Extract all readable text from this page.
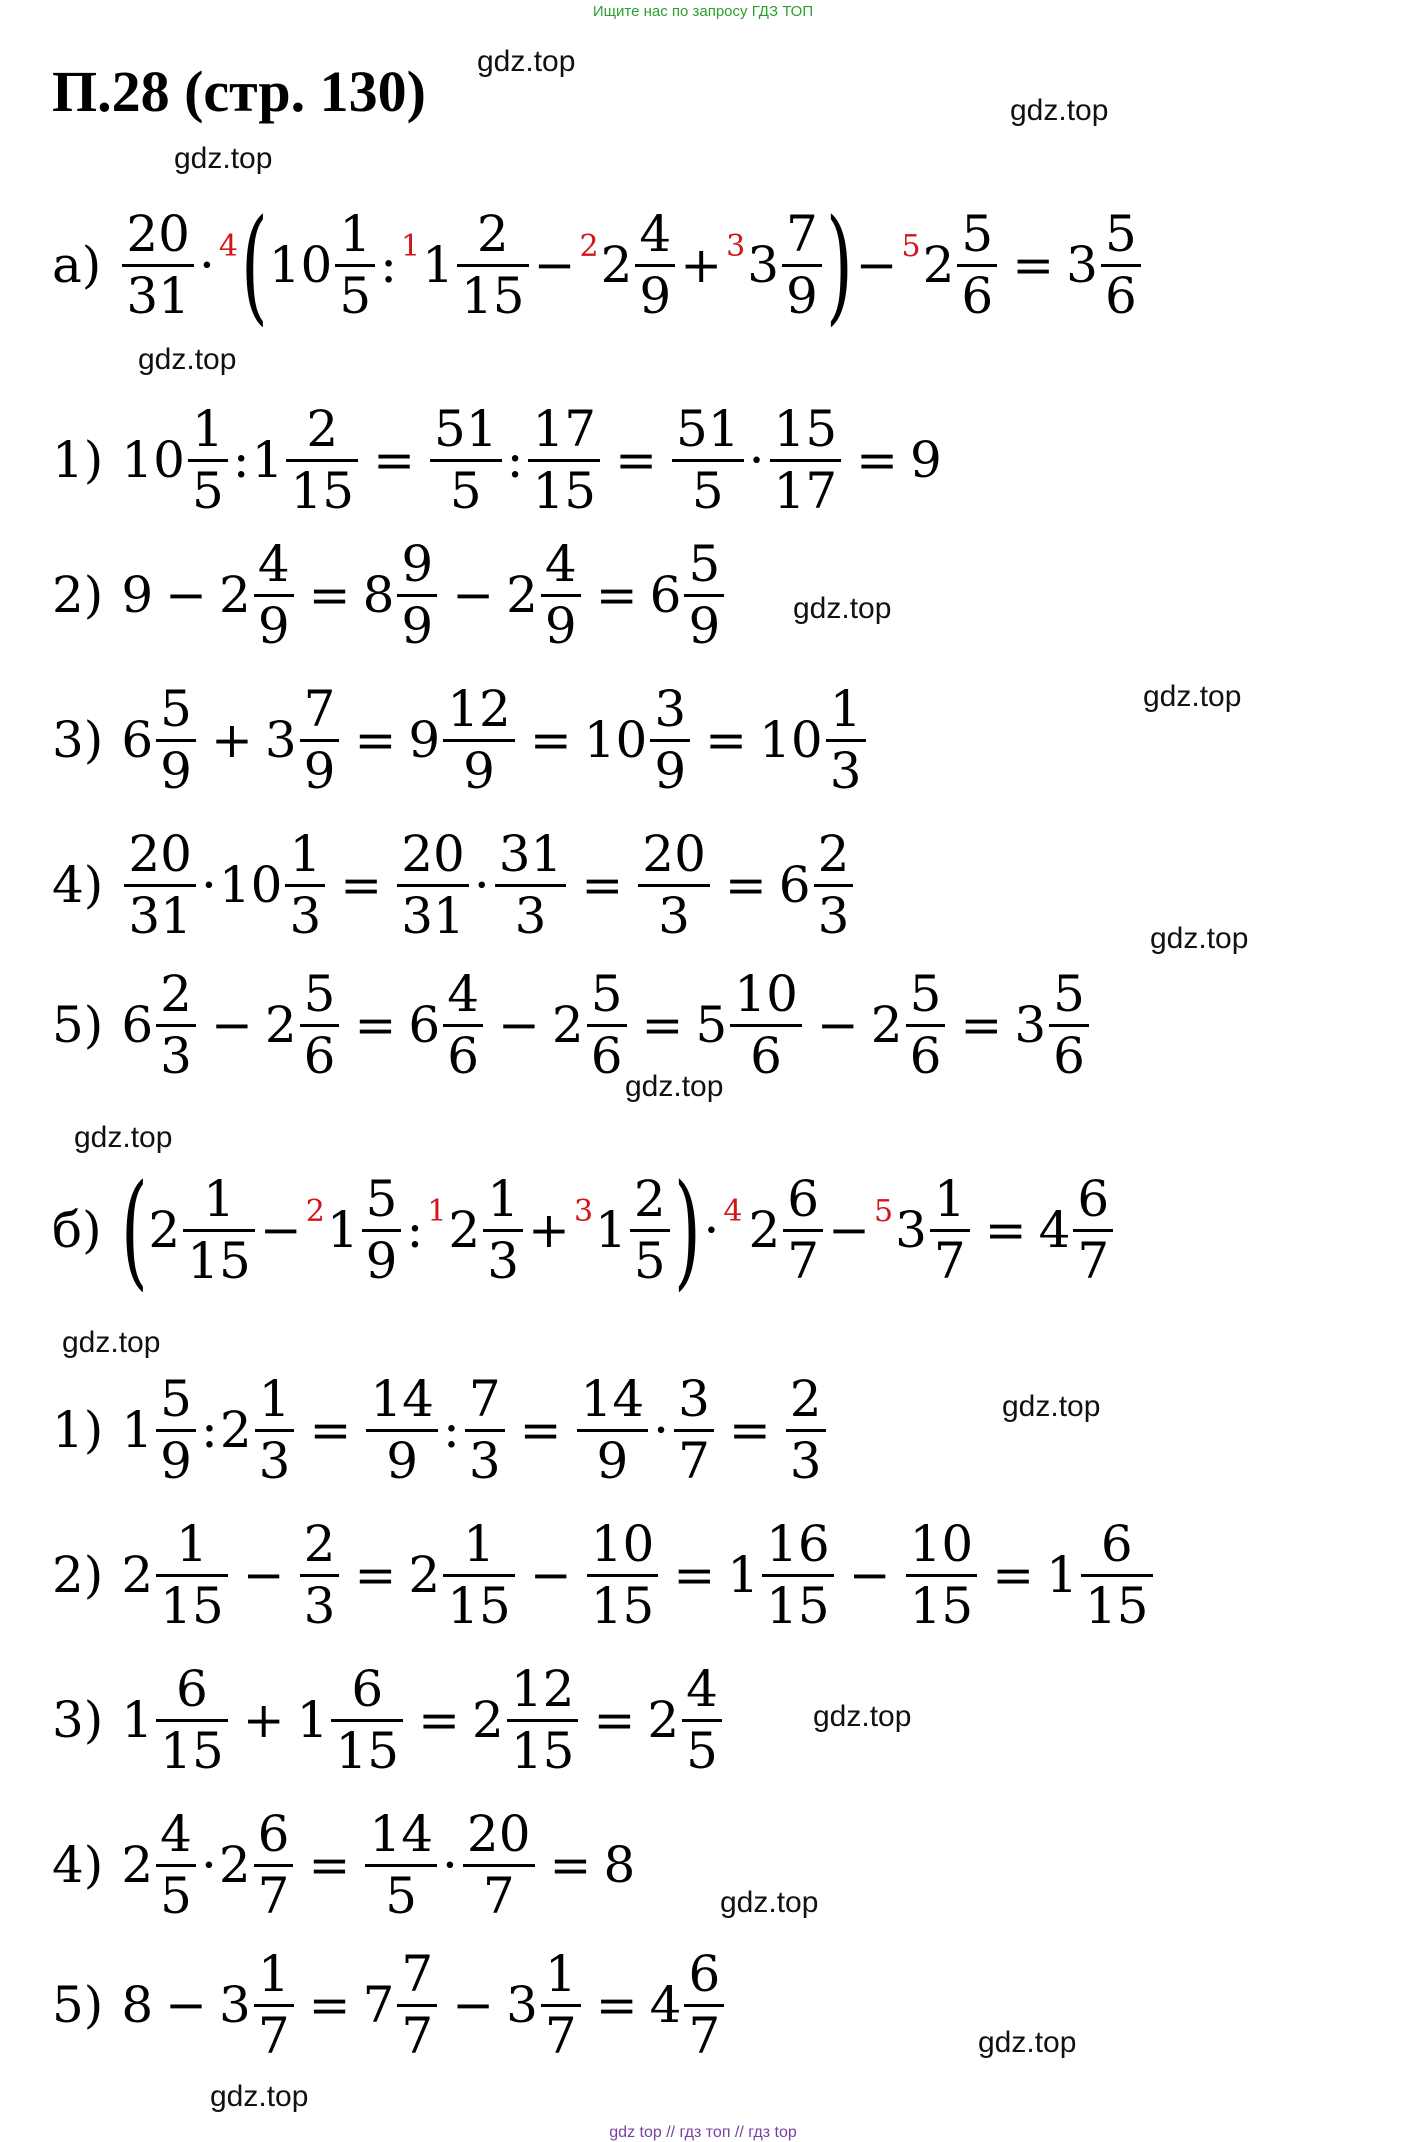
Ищите нас по запросу ГДЗ ТОП
П.28 (стр. 130) gdz.top
gdz.top
gdz.top
gdz.top
gdz.top
gdz.top
gdz.top
gdz.top
gdz.top
gdz.top
gdz.top
gdz.top
gdz.top
gdz.top
gdz.top
$а) \frac{20}{31} \cdot 4$ ( $10 \frac{1}{5}$ : 1 $1 \frac{2}{15} - 2$ $2 \frac{4}{9} + 3$ $3 \frac{7}{9}$ ) − 5 $2 \frac{5}{6} = 3 \frac{5}{6}$
1) $10 \frac{1}{5}$ : $1 \frac{2}{15} = \frac{51}{5}$ : $\frac{17}{15} = \frac{51}{5} \cdot \frac{15}{17} = 9$
2) $9 - 2 \frac{4}{9} = 8 \frac{9}{9} - 2 \frac{4}{9} = 6 \frac{5}{9}$
3) $6 \frac{5}{9} + 3 \frac{7}{9} = 9 \frac{12}{9} = 10 \frac{3}{9} = 10 \frac{1}{3}$
$4) \frac{20}{31} \cdot 10 \frac{1}{3} = \frac{20}{31} \cdot \frac{31}{3} = \frac{20}{3} = 6 \frac{2}{3}$
5) $6 \frac{2}{3} - 2 \frac{5}{6} = 6 \frac{4}{6} - 2 \frac{5}{6} = 5 \frac{10}{6} - 2 \frac{5}{6} = 3 \frac{5}{6}$
б) ( $2 \frac{1}{15} - 2$ $1 \frac{5}{9}$ : 1 $2 \frac{1}{3} + 3$ $1 \frac{2}{5}$ ) · 4 $2 \frac{6}{7} - 5$ $3 \frac{1}{7} = 4 \frac{6}{7}$
1) $1 \frac{5}{9}$ : $2 \frac{1}{3} = \frac{14}{9}$ : $\frac{7}{3} = \frac{14}{9} \cdot \frac{3}{7} = \frac{2}{3}$
2) $2 \frac{1}{15} - \frac{2}{3} = 2 \frac{1}{15} - \frac{10}{15} = 1 \frac{16}{15} - \frac{10}{15} = 1 \frac{6}{15}$
3) $1 \frac{6}{15} + 1 \frac{6}{15} = 2 \frac{12}{15} = 2 \frac{4}{5}$
4) $2 \frac{4}{5} \cdot 2 \frac{6}{7} = \frac{14}{5} \cdot \frac{20}{7} = 8$
5) $8 - 3 \frac{1}{7} = 7 \frac{7}{7} - 3 \frac{1}{7} = 4 \frac{6}{7}$
gdz top // гдз топ // гдз top
